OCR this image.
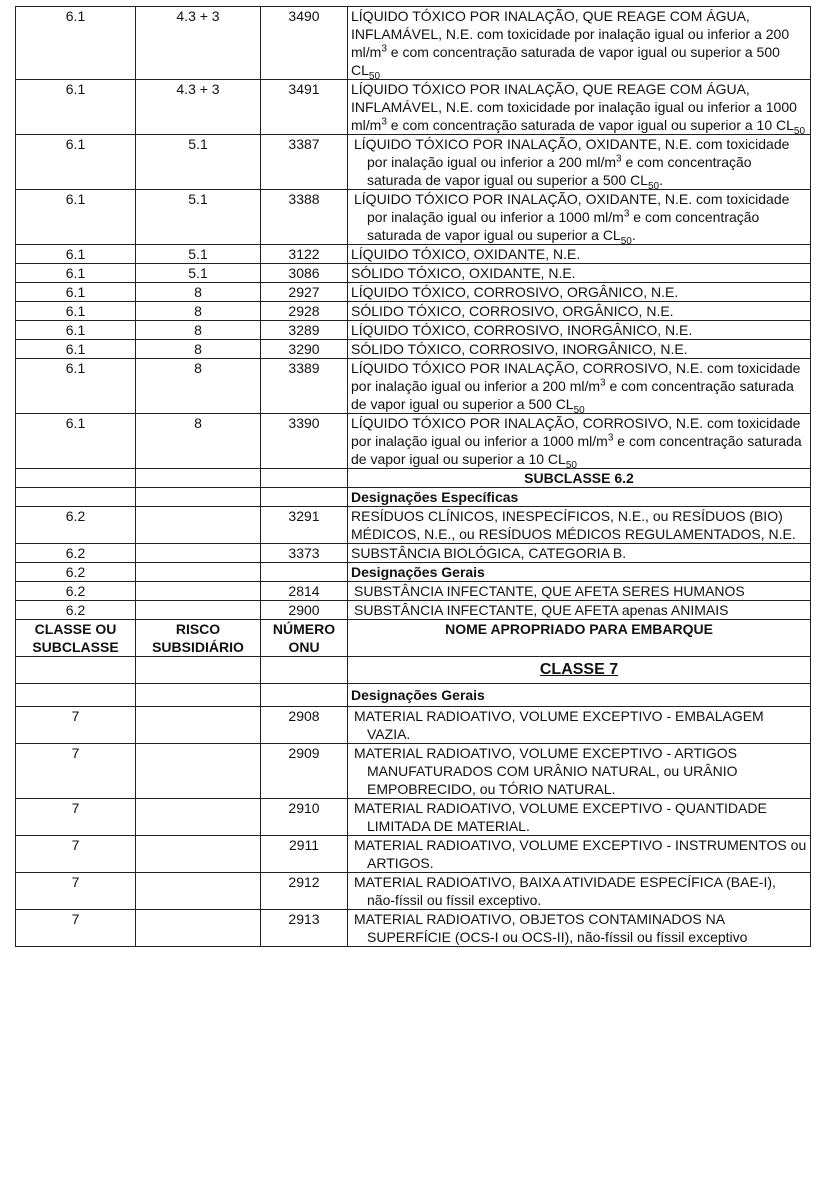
6.1	4.3 + 3	3490	LÍQUIDO TÓXICO POR INALAÇÃO, QUE REAGE COM ÁGUA, INFLAMÁVEL, N.E. com toxicidade por inalação igual ou inferior a 200 $ml/m^3$ e com concentração saturada de vapor igual ou superior a 500 $CL_{50}$
6.1	4.3 + 3	3491	LÍQUIDO TÓXICO POR INALAÇÃO, QUE REAGE COM ÁGUA, INFLAMÁVEL, N.E. com toxicidade por inalação igual ou inferior a 1000 $ml/m^3$ e com concentração saturada de vapor igual ou superior a 10 $CL_{50}$
6.1	5.1	3387	LÍQUIDO TÓXICO POR INALAÇÃO, OXIDANTE, N.E. com toxicidade por inalação igual ou inferior a 200 $ml/m^3$ e com concentração saturada de vapor igual ou superior a 500 $CL_{50}$.

6.1	5.1	3388	LÍQUIDO TÓXICO POR INALAÇÃO, OXIDANTE, N.E. com toxicidade por inalação igual ou inferior a 1000 $ml/m^3$ e com concentração saturada de vapor igual ou superior a $CL_{50}$.

6.1	5.1	3122	LÍQUIDO TÓXICO, OXIDANTE, N.E.
6.1	5.1	3086	SÓLIDO TÓXICO, OXIDANTE, N.E.
6.1	8	2927	LÍQUIDO TÓXICO, CORROSIVO, ORGÂNICO, N.E.
6.1	8	2928	SÓLIDO TÓXICO, CORROSIVO, ORGÂNICO, N.E.
6.1	8	3289	LÍQUIDO TÓXICO, CORROSIVO, INORGÂNICO, N.E.
6.1	8	3290	SÓLIDO TÓXICO, CORROSIVO, INORGÂNICO, N.E.
6.1	8	3389	LÍQUIDO TÓXICO POR INALAÇÃO, CORROSIVO, N.E. com toxicidade por inalação igual ou inferior a 200 $ml/m^3$ e com concentração saturada de vapor igual ou superior a 500 $CL_{50}$
6.1	8	3390	LÍQUIDO TÓXICO POR INALAÇÃO, CORROSIVO, N.E. com toxicidade por inalação igual ou inferior a 1000 $ml/m^3$ e com concentração saturada de vapor igual ou superior a 10 $CL_{50}$

			SUBCLASSE 6.2

			Designações Específicas
6.2		3291	RESÍDUOS CLÍNICOS, INESPECÍFICOS, N.E., ou RESÍDUOS (BIO) MÉDICOS, N.E., ou RESÍDUOS MÉDICOS REGULAMENTADOS, N.E.
6.2		3373	SUBSTÂNCIA BIOLÓGICA, CATEGORIA B.
6.2			Designações Gerais
6.2		2814	SUBSTÂNCIA INFECTANTE, QUE AFETA SERES HUMANOS

6.2		2900	SUBSTÂNCIA INFECTANTE, QUE AFETA apenas ANIMAIS

CLASSE OU SUBCLASSE	RISCO SUBSIDIÁRIO	NÚMERO ONU	NOME APROPRIADO PARA EMBARQUE

			CLASSE 7

			Designações Gerais

7		2908	MATERIAL RADIOATIVO, VOLUME EXCEPTIVO - EMBALAGEM VAZIA.

7		2909	MATERIAL RADIOATIVO, VOLUME EXCEPTIVO - ARTIGOS MANUFATURADOS COM URÂNIO NATURAL, ou URÂNIO EMPOBRECIDO, ou TÓRIO NATURAL.

7		2910	MATERIAL RADIOATIVO, VOLUME EXCEPTIVO - QUANTIDADE LIMITADA DE MATERIAL.

7		2911	MATERIAL RADIOATIVO, VOLUME EXCEPTIVO - INSTRUMENTOS ou ARTIGOS.

7		2912	MATERIAL RADIOATIVO, BAIXA ATIVIDADE ESPECÍFICA (BAE-I), não-físsil ou físsil exceptivo.

7		2913	MATERIAL RADIOATIVO, OBJETOS CONTAMINADOS NA SUPERFÍCIE (OCS-I ou OCS-II), não-físsil ou físsil exceptivo
